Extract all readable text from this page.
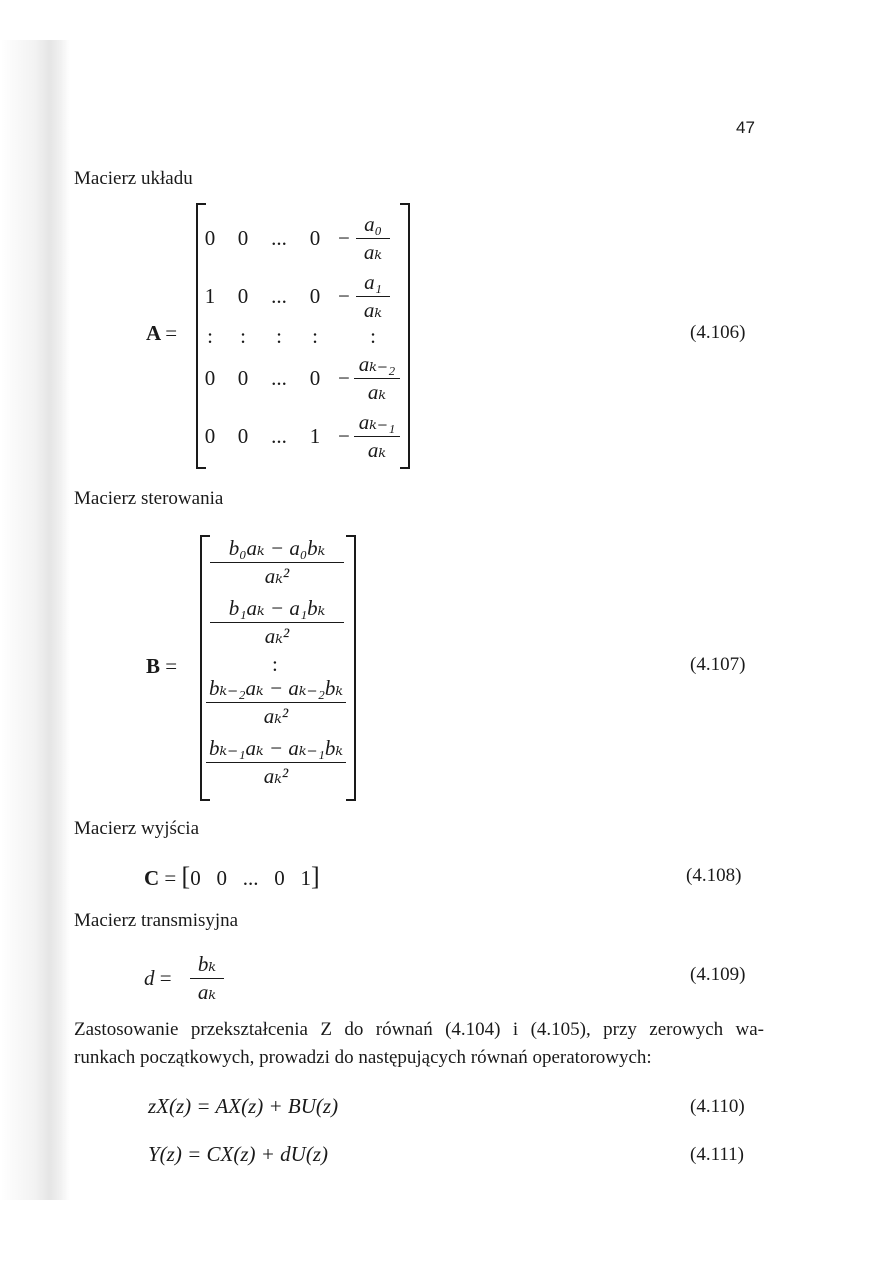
47
Macierz układu
A =
0	0	...	0 −
a₀
aₖ
1	0	...	0 −
a₁
aₖ
:	:	:	:	:
0	0	...	0 −
aₖ₋₂
aₖ
0	0	...	1 −
aₖ₋₁
aₖ
(4.106)
Macierz sterowania
B =
b₀aₖ − a₀bₖ
aₖ²
b₁aₖ − a₁bₖ
aₖ²
:
bₖ₋₂aₖ − aₖ₋₂bₖ
aₖ²
bₖ₋₁aₖ − aₖ₋₁bₖ
aₖ²
(4.107)
Macierz wyjścia
C = [0 0 ... 0 1]	(4.108)
Macierz transmisyjna
d =
bₖ
aₖ
(4.109)
Zastosowanie przekształcenia Z do równań (4.104) i (4.105), przy zerowych wa-
runkach początkowych, prowadzi do następujących równań operatorowych:
zX(z) = AX(z) + BU(z)	(4.110)
Y(z) = CX(z) + dU(z)	(4.111)
